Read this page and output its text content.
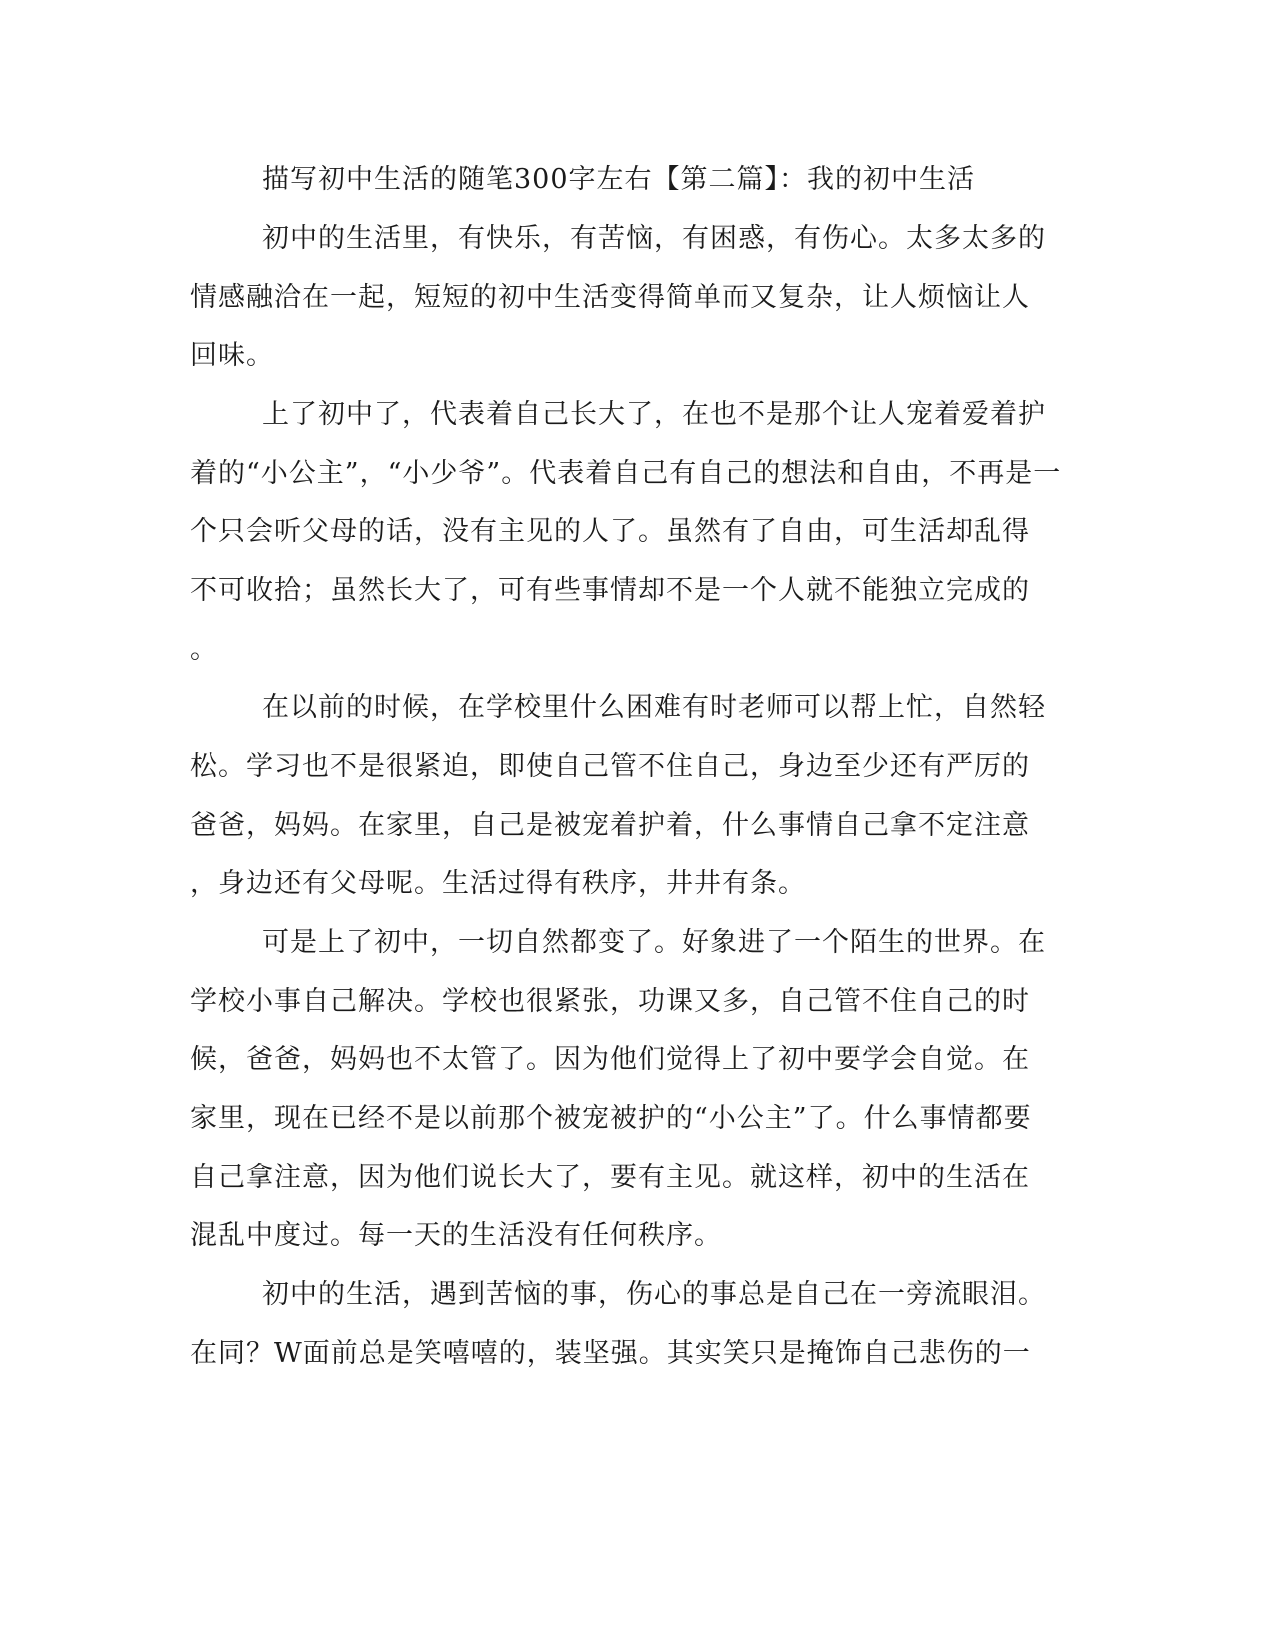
描写初中生活的随笔300字左右【第二篇】：我的初中生活
初中的生活里，有快乐，有苦恼，有困惑，有伤心。太多太多的
情感融洽在一起，短短的初中生活变得简单而又复杂，让人烦恼让人
回味。
上了初中了，代表着自己长大了，在也不是那个让人宠着爱着护
着的“小公主”，“小少爷”。代表着自己有自己的想法和自由，不再是一
个只会听父母的话，没有主见的人了。虽然有了自由，可生活却乱得
不可收拾；虽然长大了，可有些事情却不是一个人就不能独立完成的
。
在以前的时候，在学校里什么困难有时老师可以帮上忙，自然轻
松。学习也不是很紧迫，即使自己管不住自己，身边至少还有严厉的
爸爸，妈妈。在家里，自己是被宠着护着，什么事情自己拿不定注意
，身边还有父母呢。生活过得有秩序，井井有条。
可是上了初中，一切自然都变了。好象进了一个陌生的世界。在
学校小事自己解决。学校也很紧张，功课又多，自己管不住自己的时
候，爸爸，妈妈也不太管了。因为他们觉得上了初中要学会自觉。在
家里，现在已经不是以前那个被宠被护的“小公主”了。什么事情都要
自己拿注意，因为他们说长大了，要有主见。就这样，初中的生活在
混乱中度过。每一天的生活没有任何秩序。
初中的生活，遇到苦恼的事，伤心的事总是自己在一旁流眼泪。
在同？W面前总是笑嘻嘻的，装坚强。其实笑只是掩饰自己悲伤的一
